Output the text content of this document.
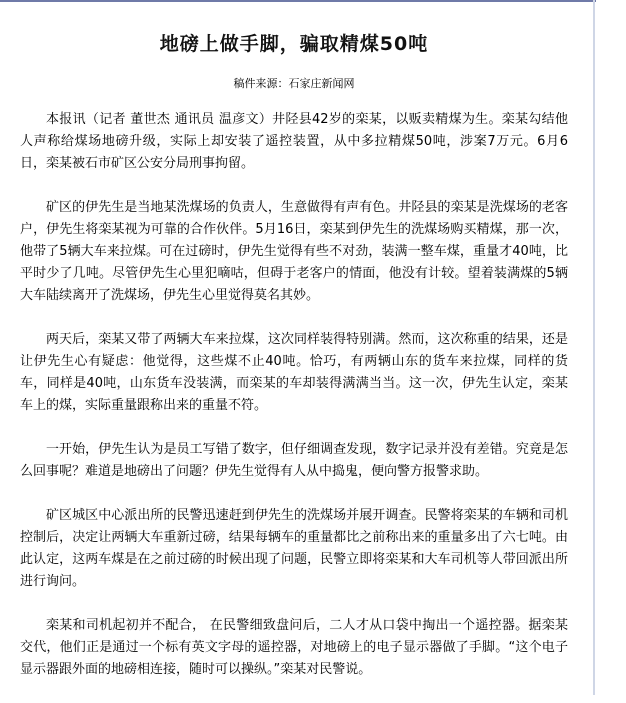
地磅上做手脚，骗取精煤50吨
稿件来源：石家庄新闻网

本报讯（记者 董世杰 通讯员 温彦文）井陉县42岁的栾某，以贩卖精煤为生。栾某勾结他人声称给煤场地磅升级，实际上却安装了遥控装置，从中多拉精煤50吨，涉案7万元。6月6日，栾某被石市矿区公安分局刑事拘留。

矿区的伊先生是当地某洗煤场的负责人，生意做得有声有色。井陉县的栾某是洗煤场的老客户，伊先生将栾某视为可靠的合作伙伴。5月16日，栾某到伊先生的洗煤场购买精煤，那一次，他带了5辆大车来拉煤。可在过磅时，伊先生觉得有些不对劲，装满一整车煤，重量才40吨，比平时少了几吨。尽管伊先生心里犯嘀咕，但碍于老客户的情面，他没有计较。望着装满煤的5辆大车陆续离开了洗煤场，伊先生心里觉得莫名其妙。

两天后，栾某又带了两辆大车来拉煤，这次同样装得特别满。然而，这次称重的结果，还是让伊先生心有疑虑：他觉得，这些煤不止40吨。恰巧，有两辆山东的货车来拉煤，同样的货车，同样是40吨，山东货车没装满，而栾某的车却装得满满当当。这一次，伊先生认定，栾某车上的煤，实际重量跟称出来的重量不符。

一开始，伊先生认为是员工写错了数字，但仔细调查发现，数字记录并没有差错。究竟是怎么回事呢？难道是地磅出了问题？伊先生觉得有人从中捣鬼，便向警方报警求助。

矿区城区中心派出所的民警迅速赶到伊先生的洗煤场并展开调查。民警将栾某的车辆和司机控制后，决定让两辆大车重新过磅，结果每辆车的重量都比之前称出来的重量多出了六七吨。由此认定，这两车煤是在之前过磅的时候出现了问题，民警立即将栾某和大车司机等人带回派出所进行询问。

栾某和司机起初并不配合， 在民警细致盘问后，二人才从口袋中掏出一个遥控器。据栾某交代，他们正是通过一个标有英文字母的遥控器，对地磅上的电子显示器做了手脚。“这个电子显示器跟外面的地磅相连接，随时可以操纵。”栾某对民警说。
